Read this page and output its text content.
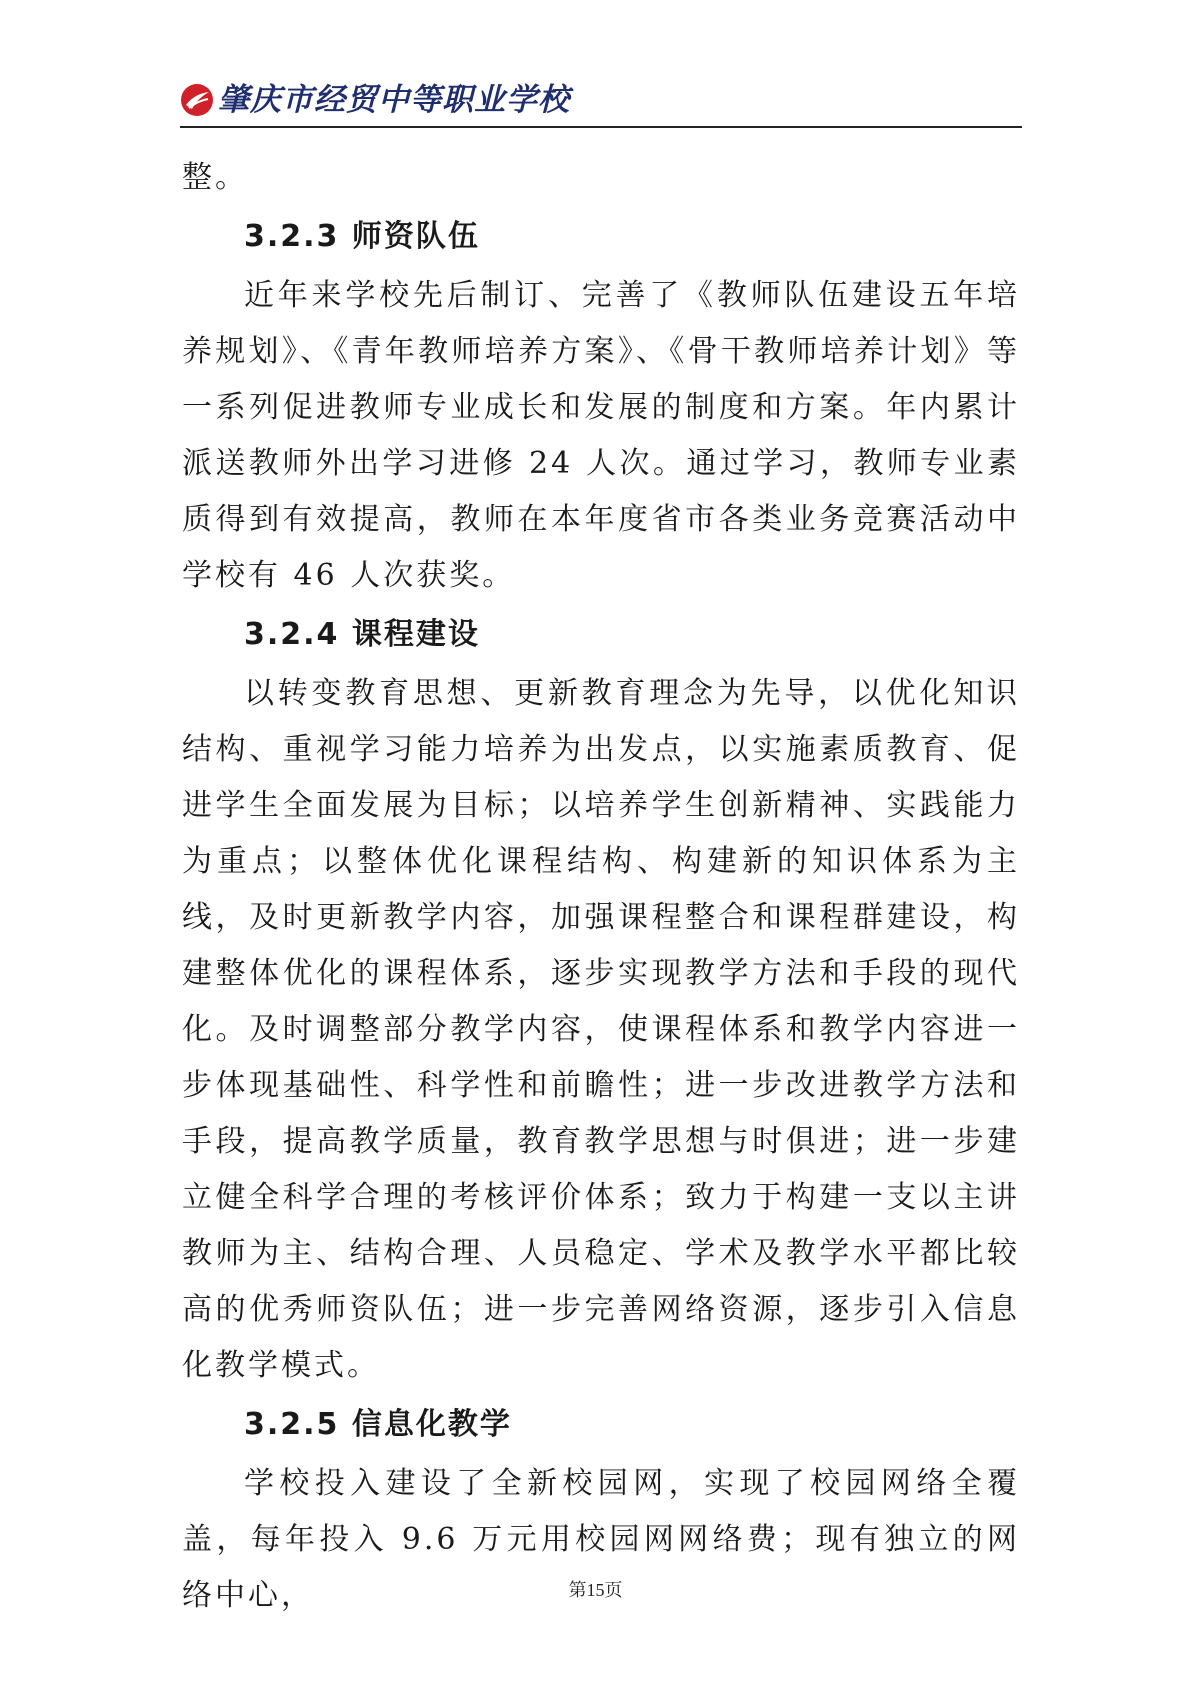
肇庆市经贸中等职业学校

整。

3.2.3 师资队伍

近年来学校先后制订、完善了《教师队伍建设五年培养规划》、《青年教师培养方案》、《骨干教师培养计划》等一系列促进教师专业成长和发展的制度和方案。年内累计派送教师外出学习进修 24 人次。通过学习，教师专业素质得到有效提高，教师在本年度省市各类业务竞赛活动中学校有 46 人次获奖。

3.2.4 课程建设

以转变教育思想、更新教育理念为先导，以优化知识结构、重视学习能力培养为出发点，以实施素质教育、促进学生全面发展为目标；以培养学生创新精神、实践能力为重点；以整体优化课程结构、构建新的知识体系为主线，及时更新教学内容，加强课程整合和课程群建设，构建整体优化的课程体系，逐步实现教学方法和手段的现代化。及时调整部分教学内容，使课程体系和教学内容进一步体现基础性、科学性和前瞻性；进一步改进教学方法和手段，提高教学质量，教育教学思想与时俱进；进一步建立健全科学合理的考核评价体系；致力于构建一支以主讲教师为主、结构合理、人员稳定、学术及教学水平都比较高的优秀师资队伍；进一步完善网络资源，逐步引入信息化教学模式。

3.2.5 信息化教学

学校投入建设了全新校园网，实现了校园网络全覆盖，每年投入 9.6 万元用校园网网络费；现有独立的网络中心，	第15页
